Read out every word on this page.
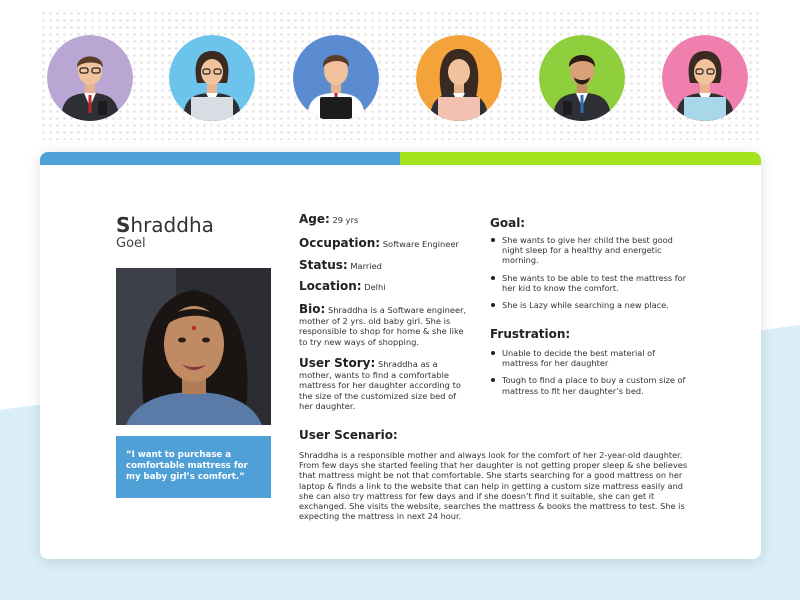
Shraddha
Goel
“I want to purchase a comfortable mattress for my baby girl’s comfort.”
Age: 29 yrs
Occupation: Software Engineer
Status: Married
Location: Delhi
Bio: Shraddha is a Software engineer, mother of 2 yrs. old baby girl. She is responsible to shop for home & she like to try new ways of shopping.
User Story: Shraddha as a mother, wants to find a comfortable mattress for her daughter according to the size of the customized size bed of her daughter.
Goal:
She wants to give her child the best good night sleep for a healthy and energetic morning.
She wants to be able to test the mattress for her kid to know the comfort.
She is Lazy while searching a new place.
Frustration:
Unable to decide the best material of mattress for her daughter
Tough to find a place to buy a custom size of mattress to fit her daughter’s bed.
User Scenario:
Shraddha is a responsible mother and always look for the comfort of her 2-year-old daughter. From few days she started feeling that her daughter is not getting proper sleep & she believes that mattress might be not that comfortable. She starts searching for a good mattress on her laptop & finds a link to the website that can help in getting a custom size mattress easily and she can also try mattress for few days and if she doesn’t find it suitable, she can get it exchanged. She visits the website, searches the mattress & books the mattress to test. She is expecting the mattress in next 24 hour.
